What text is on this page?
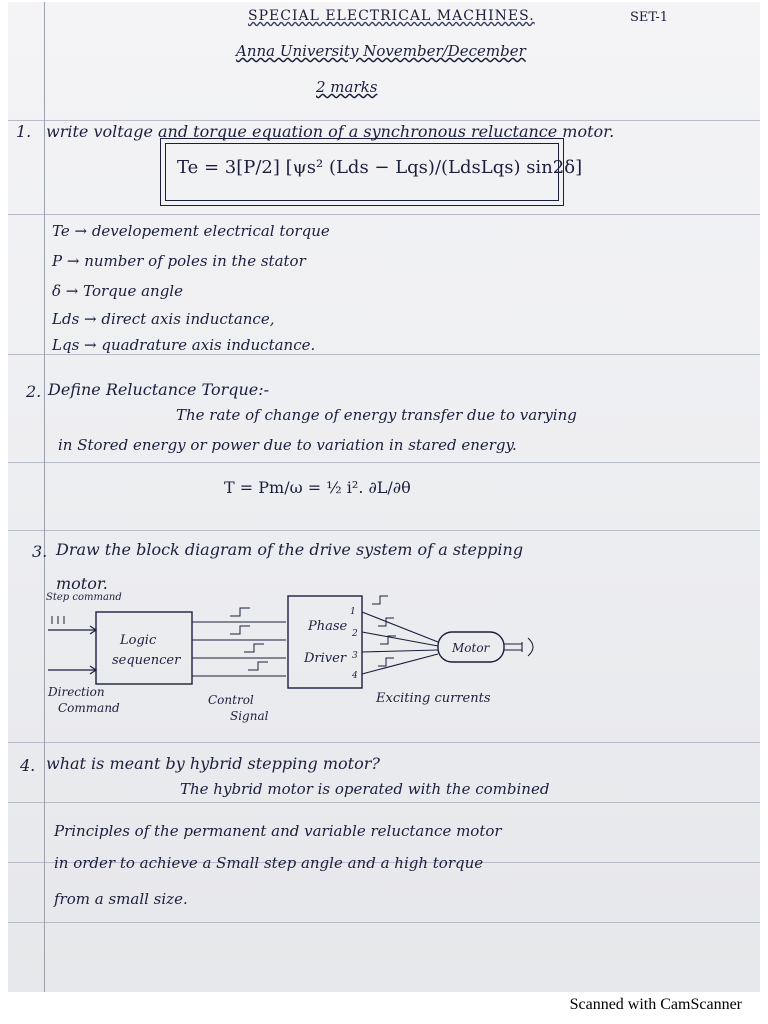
SPECIAL ELECTRICAL MACHINES.	SET-1
Anna University November/December
2 marks
1. write voltage and torque equation of a synchronous reluctance motor.
Te = 3[P/2] [ψs² (Lds − Lqs)/(LdsLqs) sin2δ]
Te → developement electrical torque
P → number of poles in the stator
δ → Torque angle
Lds → direct axis inductance,
Lqs → quadrature axis inductance.
2. Define Reluctance Torque:-
The rate of change of energy transfer due to varying
in Stored energy or power due to variation in stared energy.
T = Pm/ω = ½ i². ∂L/∂θ
3. Draw the block diagram of the drive system of a stepping
motor.
Logic
sequencer
Step command
Direction
Command
Control
Signal
Phase
Driver
1
2
3
4
Exciting currents
Motor
4. what is meant by hybrid stepping motor?
The hybrid motor is operated with the combined
Principles of the permanent and variable reluctance motor
in order to achieve a Small step angle and a high torque
from a small size.
Scanned with CamScanner
